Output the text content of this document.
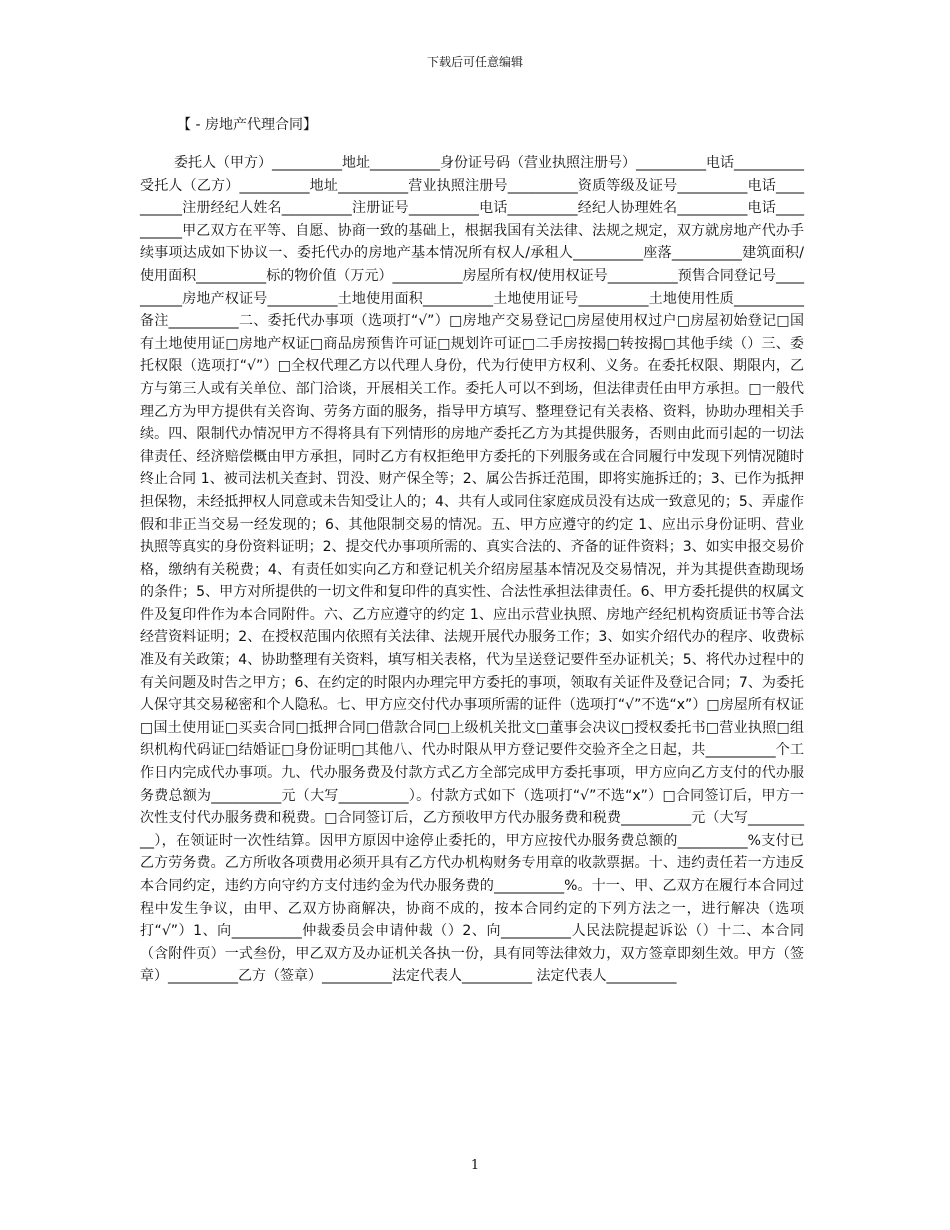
下载后可任意编辑
【 - 房地产代理合同】

委托人（甲方）__________地址__________身份证号码（营业执照注册号）__________电话__________受托人（乙方）__________地址__________营业执照注册号__________资质等级及证号__________电话__________注册经纪人姓名__________注册证号__________电话__________经纪人协理姓名__________电话__________甲乙双方在平等、自愿、协商一致的基础上，根据我国有关法律、法规之规定，双方就房地产代办手续事项达成如下协议一、委托代办的房地产基本情况所有权人/承租人__________座落__________建筑面积/使用面积__________标的物价值（万元）__________房屋所有权/使用权证号__________预售合同登记号__________房地产权证号__________土地使用面积__________土地使用证号__________土地使用性质__________备注__________二、委托代办事项（选项打“√”）□房地产交易登记□房屋使用权过户□房屋初始登记□国有土地使用证□房地产权证□商品房预售许可证□规划许可证□二手房按揭□转按揭□其他手续（）三、委托权限（选项打“√”）□全权代理乙方以代理人身份，代为行使甲方权利、义务。在委托权限、期限内，乙方与第三人或有关单位、部门洽谈，开展相关工作。委托人可以不到场，但法律责任由甲方承担。□一般代理乙方为甲方提供有关咨询、劳务方面的服务，指导甲方填写、整理登记有关表格、资料，协助办理相关手续。四、限制代办情况甲方不得将具有下列情形的房地产委托乙方为其提供服务，否则由此而引起的一切法律责任、经济赔偿概由甲方承担，同时乙方有权拒绝甲方委托的下列服务或在合同履行中发现下列情况随时终止合同 1、被司法机关查封、罚没、财产保全等；2、属公告拆迁范围，即将实施拆迁的；3、已作为抵押担保物，未经抵押权人同意或未告知受让人的；4、共有人或同住家庭成员没有达成一致意见的；5、弄虚作假和非正当交易一经发现的；6、其他限制交易的情况。五、甲方应遵守的约定 1、应出示身份证明、营业执照等真实的身份资料证明；2、提交代办事项所需的、真实合法的、齐备的证件资料；3、如实申报交易价格，缴纳有关税费；4、有责任如实向乙方和登记机关介绍房屋基本情况及交易情况，并为其提供查勘现场的条件；5、甲方对所提供的一切文件和复印件的真实性、合法性承担法律责任。6、甲方委托提供的权属文件及复印件作为本合同附件。六、乙方应遵守的约定 1、应出示营业执照、房地产经纪机构资质证书等合法经营资料证明；2、在授权范围内依照有关法律、法规开展代办服务工作；3、如实介绍代办的程序、收费标准及有关政策；4、协助整理有关资料，填写相关表格，代为呈送登记要件至办证机关；5、将代办过程中的有关问题及时告之甲方；6、在约定的时限内办理完甲方委托的事项，领取有关证件及登记合同；7、为委托人保守其交易秘密和个人隐私。七、甲方应交付代办事项所需的证件（选项打“√”不选“x”）□房屋所有权证□国土使用证□买卖合同□抵押合同□借款合同□上级机关批文□董事会决议□授权委托书□营业执照□组织机构代码证□结婚证□身份证明□其他八、代办时限从甲方登记要件交验齐全之日起，共__________个工作日内完成代办事项。九、代办服务费及付款方式乙方全部完成甲方委托事项，甲方应向乙方支付的代办服务费总额为__________元（大写__________）。付款方式如下（选项打“√”不选“x”）□合同签订后，甲方一次性支付代办服务费和税费。□合同签订后，乙方预收甲方代办服务费和税费__________元（大写__________），在领证时一次性结算。因甲方原因中途停止委托的，甲方应按代办服务费总额的__________%支付已乙方劳务费。乙方所收各项费用必须开具有乙方代办机构财务专用章的收款票据。十、违约责任若一方违反本合同约定，违约方向守约方支付违约金为代办服务费的__________%。十一、甲、乙双方在履行本合同过程中发生争议，由甲、乙双方协商解决，协商不成的，按本合同约定的下列方法之一，进行解决（选项打“√”）1、向__________仲裁委员会申请仲裁（）2、向__________人民法院提起诉讼（）十二、本合同（含附件页）一式叁份，甲乙双方及办证机关各执一份，具有同等法律效力，双方签章即刻生效。甲方（签章）__________乙方（签章）__________法定代表人__________ 法定代表人__________

1
